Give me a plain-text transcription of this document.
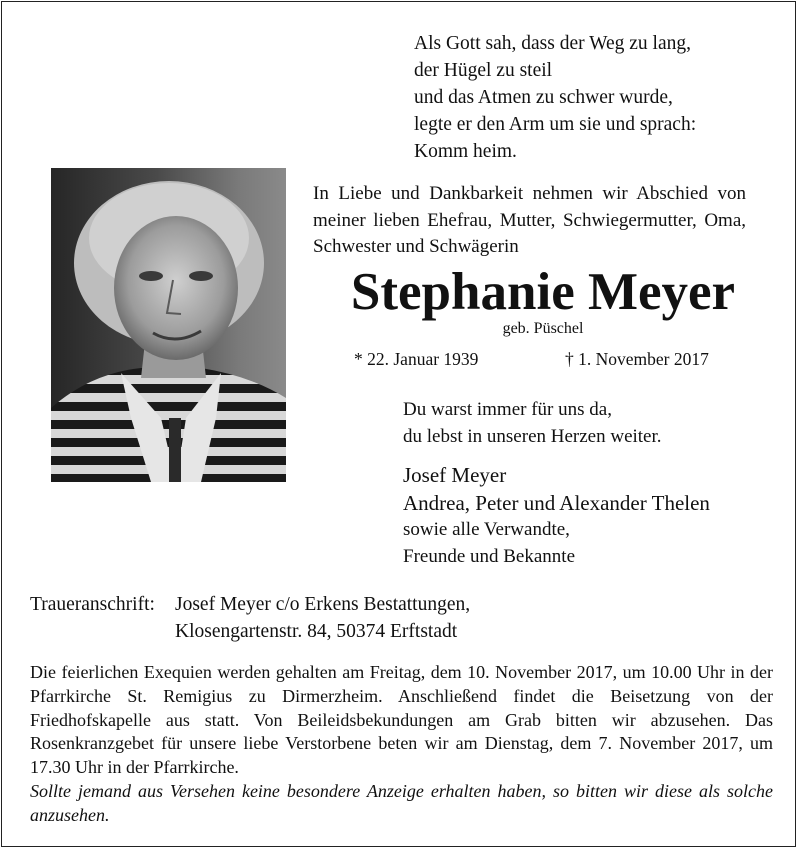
Als Gott sah, dass der Weg zu lang,
der Hügel zu steil
und das Atmen zu schwer wurde,
legte er den Arm um sie und sprach:
Komm heim.
In Liebe und Dankbarkeit nehmen wir Abschied von meiner lieben Ehefrau, Mutter, Schwiegermutter, Oma, Schwester und Schwägerin
Stephanie Meyer
geb. Püschel
* 22. Januar 1939	† 1. November 2017
Du warst immer für uns da,
du lebst in unseren Herzen weiter.
Josef Meyer
Andrea, Peter und Alexander Thelen
sowie alle Verwandte,
Freunde und Bekannte
Traueranschrift: Josef Meyer c/o Erkens Bestattungen,
Klosengartenstr. 84, 50374 Erftstadt
Die feierlichen Exequien werden gehalten am Freitag, dem 10. November 2017, um 10.00 Uhr in der Pfarrkirche St. Remigius zu Dirmerzheim. Anschließend findet die Beisetzung von der Friedhofskapelle aus statt. Von Beileidsbekundungen am Grab bitten wir abzusehen. Das Rosenkranzgebet für unsere liebe Verstorbene beten wir am Dienstag, dem 7. November 2017, um 17.30 Uhr in der Pfarrkirche.
Sollte jemand aus Versehen keine besondere Anzeige erhalten haben, so bitten wir diese als solche anzusehen.
